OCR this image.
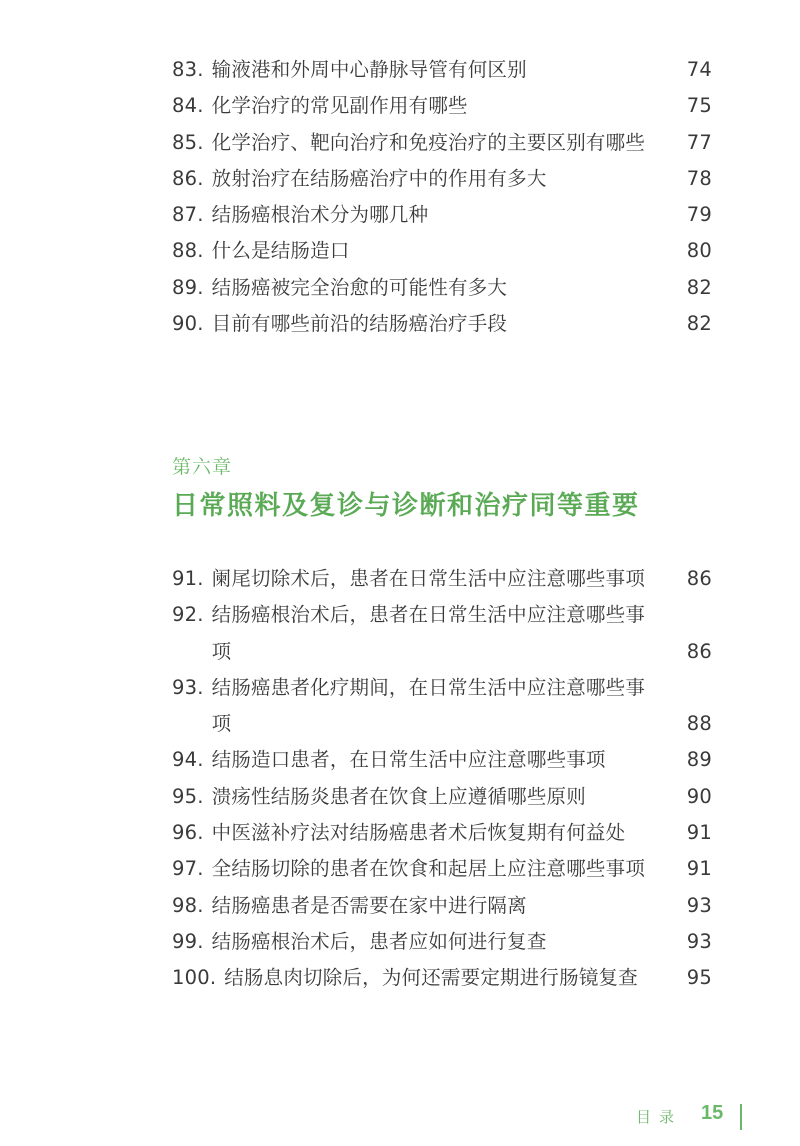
83. 输液港和外周中心静脉导管有何区别	74
84. 化学治疗的常见副作用有哪些	75
85. 化学治疗、靶向治疗和免疫治疗的主要区别有哪些	77
86. 放射治疗在结肠癌治疗中的作用有多大	78
87. 结肠癌根治术分为哪几种	79
88. 什么是结肠造口	80
89. 结肠癌被完全治愈的可能性有多大	82
90. 目前有哪些前沿的结肠癌治疗手段	82
第六章
日常照料及复诊与诊断和治疗同等重要
91. 阑尾切除术后，患者在日常生活中应注意哪些事项	86
92. 结肠癌根治术后，患者在日常生活中应注意哪些事项	86
93. 结肠癌患者化疗期间，在日常生活中应注意哪些事项	88
94. 结肠造口患者，在日常生活中应注意哪些事项	89
95. 溃疡性结肠炎患者在饮食上应遵循哪些原则	90
96. 中医滋补疗法对结肠癌患者术后恢复期有何益处	91
97. 全结肠切除的患者在饮食和起居上应注意哪些事项	91
98. 结肠癌患者是否需要在家中进行隔离	93
99. 结肠癌根治术后，患者应如何进行复查	93
100. 结肠息肉切除后，为何还需要定期进行肠镜复查	95
目录 15
